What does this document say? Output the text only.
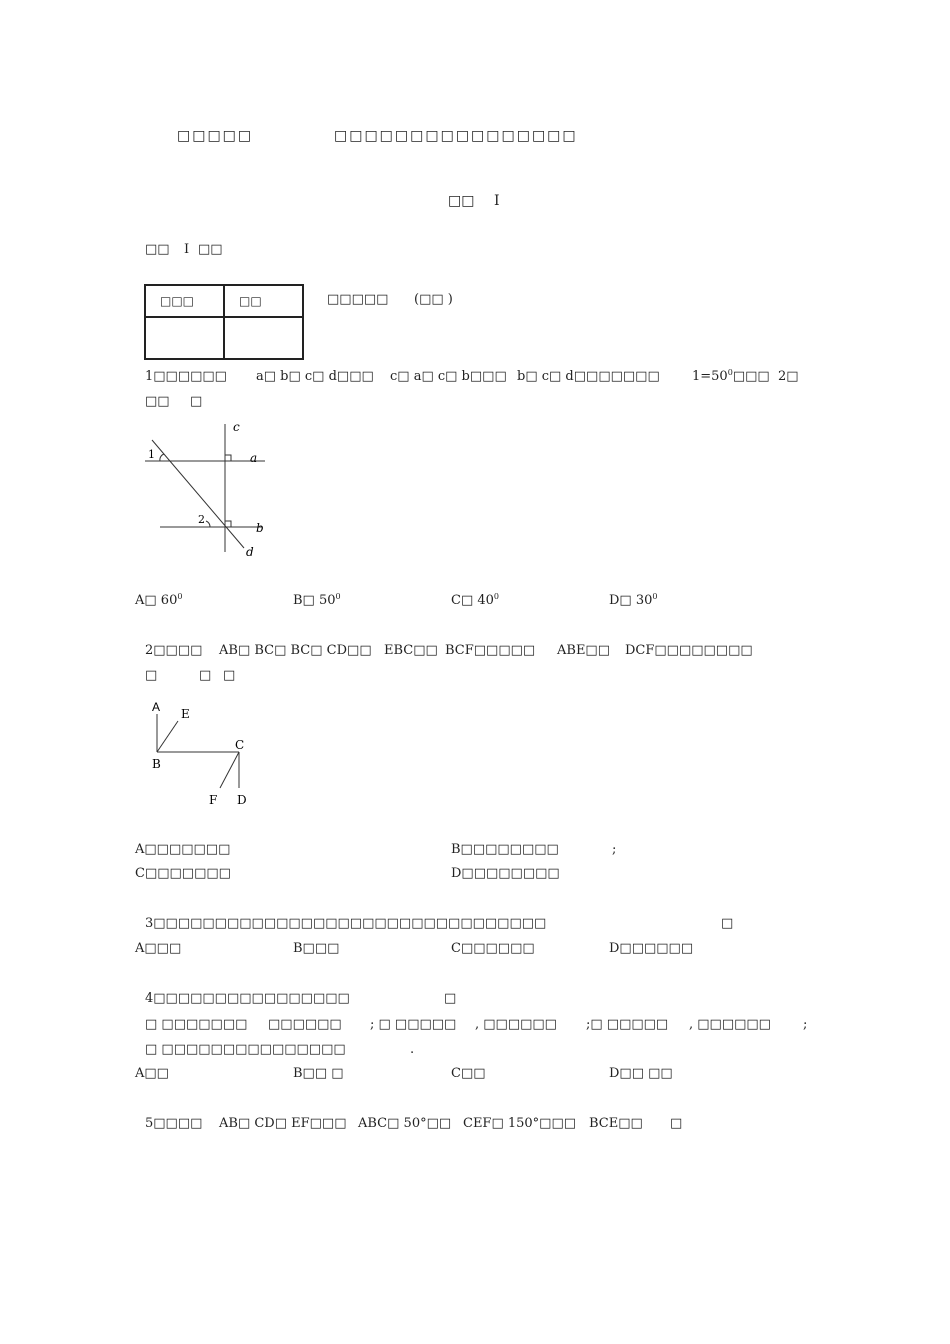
□□□□□	□□□□□□□□□□□□□□□□
□□ I
□□ I □□
□□□	□□
		□□□□□ (□□ )
1□□□□□□ a□ b□ c□ d□□□ c□ a□ c□ b□□□ b□ c□ d□□□□□□□ $1=50^0□□□$ 2□
□□ □
c
a
b
d
1
2
A□ $60^0$	B□ $50^0$	C□ $40^0$	D□ $30^0$
2□□□□ AB□ BC□ BC□ CD□□ EBC□□ BCF□□□□□ ABE□□ DCF□□□□□□□□
□	□ □
A E
B
C
F D
A□□□□□□□	B□□□□□□□□	;
C□□□□□□□	D□□□□□□□□
3□□□□□□□□□□□□□□□□□□□□□□□□□□□□□□□□	□
A□□□	B□□□	C□□□□□□	D□□□□□□
4□□□□□□□□□□□□□□□□	□
□ □□□□□□□ □□□□□□ ; □ □□□□□ , □□□□□□ ;□ □□□□□ , □□□□□□ ;
□ □□□□□□□□□□□□□□□	.
A□□	B□□ □	C□□	D□□ □□
5□□□□ AB□ CD□ EF□□□ ABC□ 50°□□ CEF□ 150°□□□ BCE□□ □
